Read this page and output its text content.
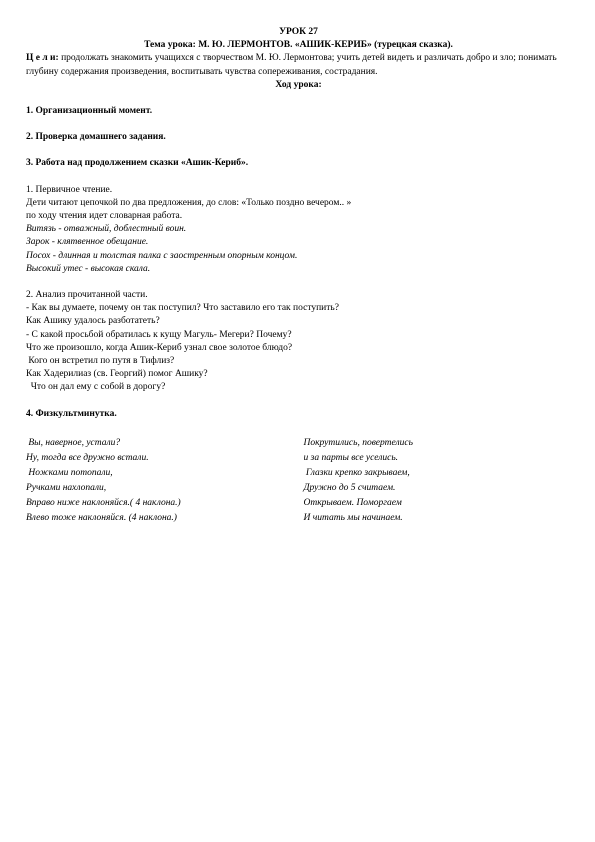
УРОК 27

Тема урока: М. Ю. ЛЕРМОНТОВ. «АШИК-КЕРИБ» (турецкая сказка).

Ц е л и: продолжать знакомить учащихся с творчеством М. Ю. Лермонтова; учить детей видеть и различать добро и зло; понимать глубину содержания произведения, воспитывать чувства сопереживания, сострадания.

Ход урока:

1. Организационный момент.

2. Проверка домашнего задания.

3. Работа над продолжением сказки «Ашик-Кериб».

1. Первичное чтение.

Дети читают цепочкой по два предложения, до слов: «Только поздно вечером.. »

по ходу чтения идет словарная работа.

Витязь - отважный, доблестный воин.

Зарок - клятвенное обещание.

Посох - длинная и толстая палка с заостренным опорным концом.

Высокий утес - высокая скала.

2. Анализ прочитанной части.

- Как вы думаете, почему он так поступил? Что заставило его так поступить?

Как Ашику удалось разботатеть?

- С какой просьбой обратилась к кущу Магуль- Мегери? Почему?

Что же произошло, когда Ашик-Кериб узнал свое золотое блюдо?

Кого он встретил по путя в Тифлиз?

Как Хадерилиаз (св. Георгий) помог Ашику?

Что он дал ему с собой в дорогу?

4. Физкультминутка.

Вы, наверное, устали?
Ну, тогда все дружно встали.
Ножками потопали,
Ручками нахлопали,
Вправо ниже наклоняйся.( 4 наклона.)
Влево тоже наклоняйся. (4 наклона.)
Покрутились, повертелись
и за парты все уселись.
Глазки крепко закрываем,
Дружно до 5 считаем.
Открываем. Поморгаем
И читать мы начинаем.
